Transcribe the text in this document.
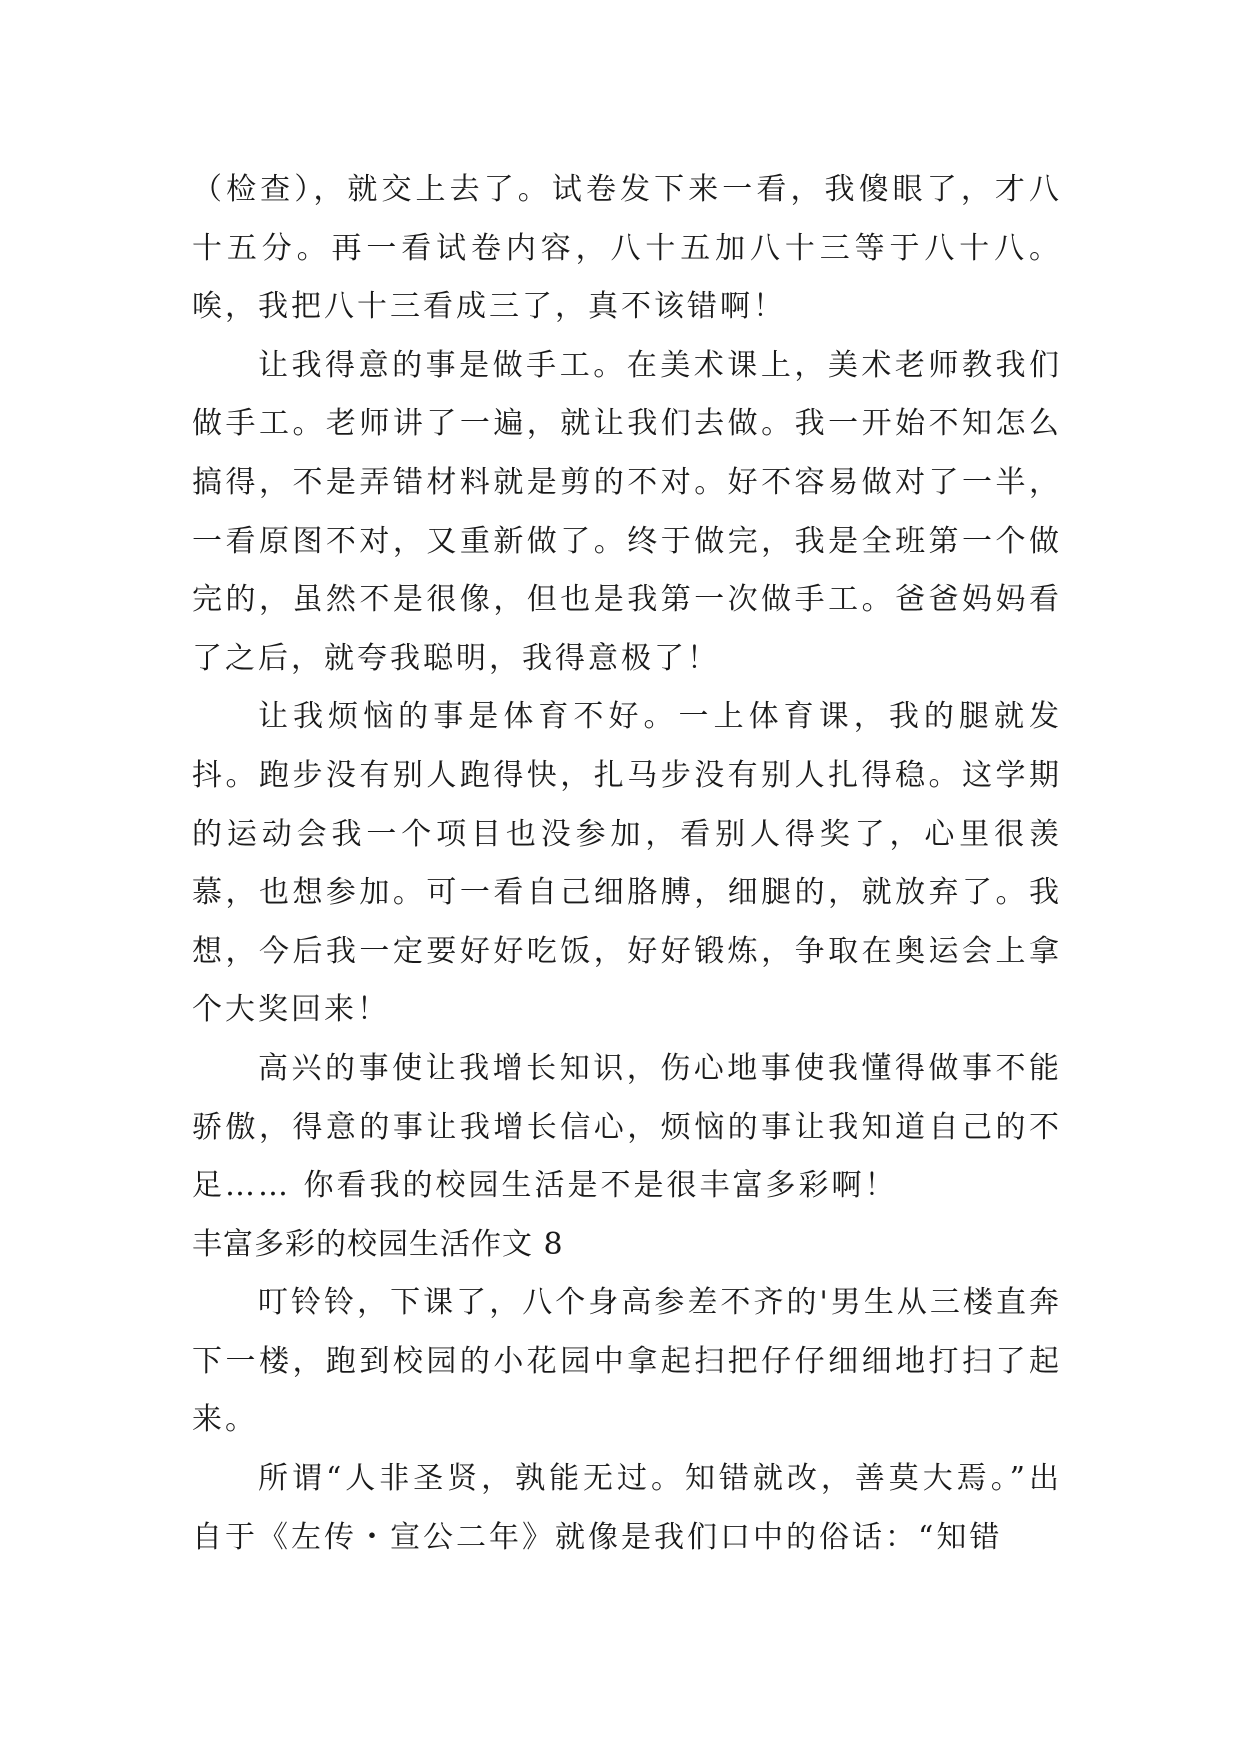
（检查），就交上去了。试卷发下来一看，我傻眼了，才八十五分。再一看试卷内容，八十五加八十三等于八十八。唉，我把八十三看成三了，真不该错啊！

让我得意的事是做手工。在美术课上，美术老师教我们做手工。老师讲了一遍，就让我们去做。我一开始不知怎么搞得，不是弄错材料就是剪的不对。好不容易做对了一半，一看原图不对，又重新做了。终于做完，我是全班第一个做完的，虽然不是很像，但也是我第一次做手工。爸爸妈妈看了之后，就夸我聪明，我得意极了！

让我烦恼的事是体育不好。一上体育课，我的腿就发抖。跑步没有别人跑得快，扎马步没有别人扎得稳。这学期的运动会我一个项目也没参加，看别人得奖了，心里很羡慕，也想参加。可一看自己细胳膊，细腿的，就放弃了。我想，今后我一定要好好吃饭，好好锻炼，争取在奥运会上拿个大奖回来！

高兴的事使让我增长知识，伤心地事使我懂得做事不能骄傲，得意的事让我增长信心，烦恼的事让我知道自己的不足…… 你看我的校园生活是不是很丰富多彩啊！

丰富多彩的校园生活作文 8

叮铃铃，下课了，八个身高参差不齐的'男生从三楼直奔下一楼，跑到校园的小花园中拿起扫把仔仔细细地打扫了起来。

所谓“人非圣贤，孰能无过。知错就改，善莫大焉。”出自于《左传・宣公二年》就像是我们口中的俗话：“知错
